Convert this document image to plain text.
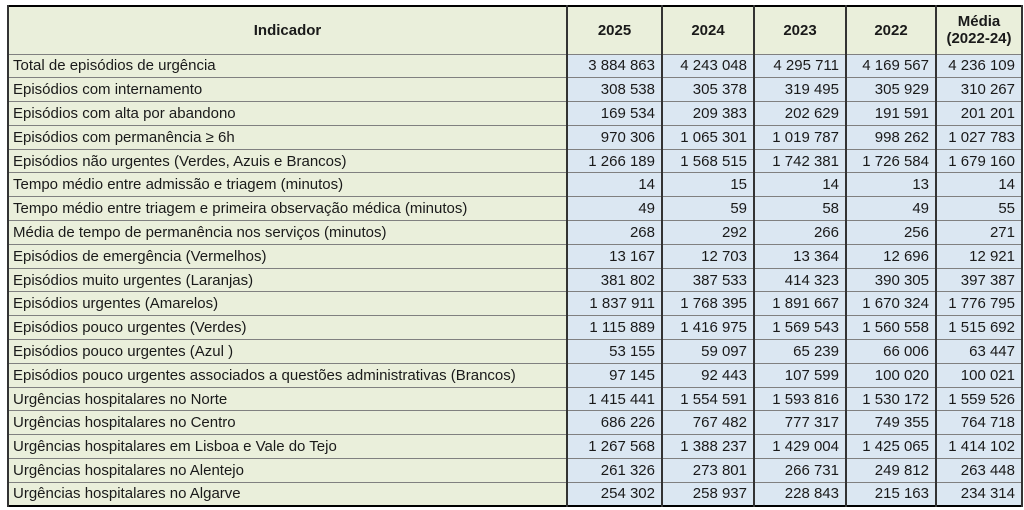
Indicador	2025	2024	2023	2022	Média
(2022-24)

Total de episódios de urgência	3 884 863	4 243 048	4 295 711	4 169 567	4 236 109
Episódios com internamento	308 538	305 378	319 495	305 929	310 267
Episódios com alta por abandono	169 534	209 383	202 629	191 591	201 201
Episódios com permanência ≥ 6h	970 306	1 065 301	1 019 787	998 262	1 027 783
Episódios não urgentes (Verdes, Azuis e Brancos)	1 266 189	1 568 515	1 742 381	1 726 584	1 679 160
Tempo médio entre admissão e triagem (minutos)	14	15	14	13	14
Tempo médio entre triagem e primeira observação médica (minutos)	49	59	58	49	55
Média de tempo de permanência nos serviços (minutos)	268	292	266	256	271
Episódios de emergência (Vermelhos)	13 167	12 703	13 364	12 696	12 921
Episódios muito urgentes (Laranjas)	381 802	387 533	414 323	390 305	397 387
Episódios urgentes (Amarelos)	1 837 911	1 768 395	1 891 667	1 670 324	1 776 795
Episódios pouco urgentes (Verdes)	1 115 889	1 416 975	1 569 543	1 560 558	1 515 692
Episódios pouco urgentes (Azul )	53 155	59 097	65 239	66 006	63 447
Episódios pouco urgentes associados a questões administrativas (Brancos)	97 145	92 443	107 599	100 020	100 021
Urgências hospitalares no Norte	1 415 441	1 554 591	1 593 816	1 530 172	1 559 526
Urgências hospitalares no Centro	686 226	767 482	777 317	749 355	764 718
Urgências hospitalares em Lisboa e Vale do Tejo	1 267 568	1 388 237	1 429 004	1 425 065	1 414 102
Urgências hospitalares no Alentejo	261 326	273 801	266 731	249 812	263 448
Urgências hospitalares no Algarve	254 302	258 937	228 843	215 163	234 314
